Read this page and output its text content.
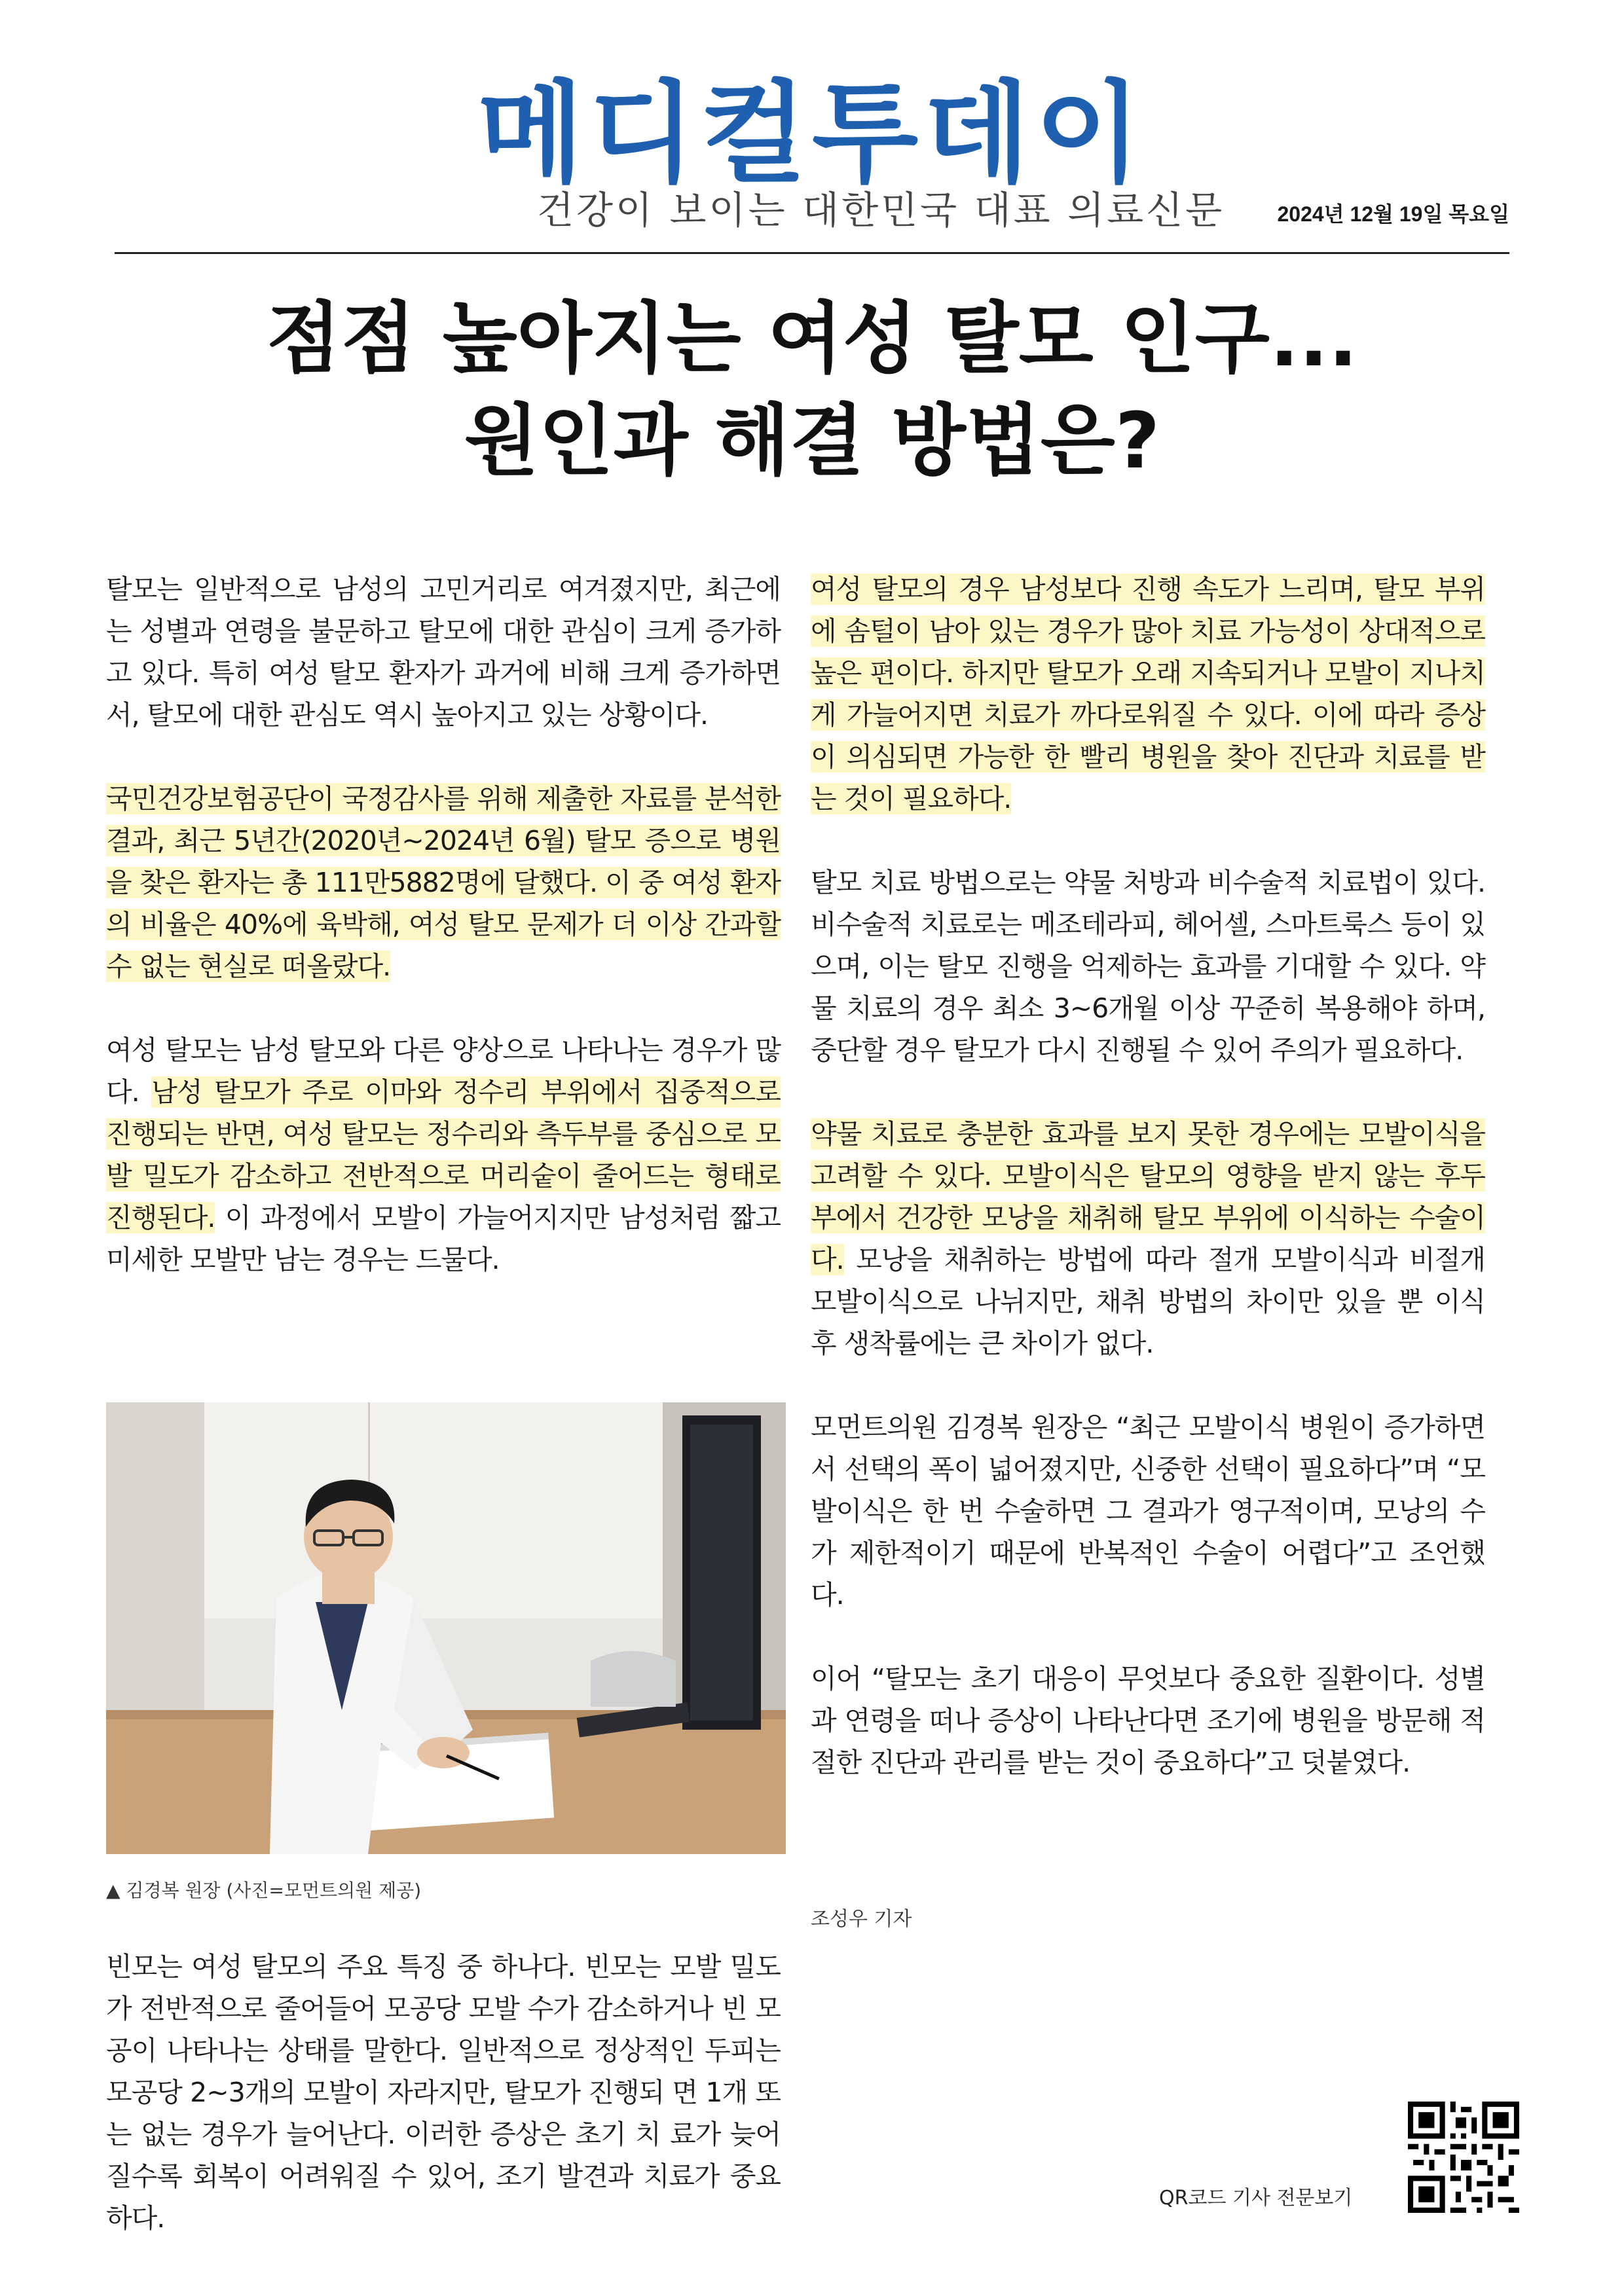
메디컬투데이
건강이 보이는 대한민국 대표 의료신문	2024년 12월 19일 목요일
점점 높아지는 여성 탈모 인구...
원인과 해결 방법은?

탈모는 일반적으로 남성의 고민거리로 여겨졌지만, 최근에는 성별과 연령을 불문하고 탈모에 대한 관심이 크게 증가하고 있다. 특히 여성 탈모 환자가 과거에 비해 크게 증가하면서, 탈모에 대한 관심도 역시 높아지고 있는 상황이다.

국민건강보험공단이 국정감사를 위해 제출한 자료를 분석한 결과, 최근 5년간(2020년~2024년 6월) 탈모 증으로 병원을 찾은 환자는 총 111만5882명에 달했다. 이 중 여성 환자의 비율은 40%에 육박해, 여성 탈모 문제가 더 이상 간과할 수 없는 현실로 떠올랐다.

여성 탈모는 남성 탈모와 다른 양상으로 나타나는 경우가 많다. 남성 탈모가 주로 이마와 정수리 부위에서 집중적으로 진행되는 반면, 여성 탈모는 정수리와 측두부를 중심으로 모발 밀도가 감소하고 전반적으로 머리숱이 줄어드는 형태로 진행된다. 이 과정에서 모발이 가늘어지지만 남성처럼 짧고 미세한 모발만 남는 경우는 드물다.

▲ 김경복 원장 (사진=모먼트의원 제공)

빈모는 여성 탈모의 주요 특징 중 하나다. 빈모는 모발 밀도가 전반적으로 줄어들어 모공당 모발 수가 감소하거나 빈 모공이 나타나는 상태를 말한다. 일반적으로 정상적인 두피는 모공당 2~3개의 모발이 자라지만, 탈모가 진행되 면 1개 또는 없는 경우가 늘어난다. 이러한 증상은 초기 치 료가 늦어질수록 회복이 어려워질 수 있어, 조기 발견과 치료가 중요하다.

여성 탈모의 경우 남성보다 진행 속도가 느리며, 탈모 부위에 솜털이 남아 있는 경우가 많아 치료 가능성이 상대적으로 높은 편이다. 하지만 탈모가 오래 지속되거나 모발이 지나치게 가늘어지면 치료가 까다로워질 수 있다. 이에 따라 증상이 의심되면 가능한 한 빨리 병원을 찾아 진단과 치료를 받는 것이 필요하다.

탈모 치료 방법으로는 약물 처방과 비수술적 치료법이 있다. 비수술적 치료로는 메조테라피, 헤어셀, 스마트룩스 등이 있으며, 이는 탈모 진행을 억제하는 효과를 기대할 수 있다. 약물 치료의 경우 최소 3~6개월 이상 꾸준히 복용해야 하며, 중단할 경우 탈모가 다시 진행될 수 있어 주의가 필요하다.

약물 치료로 충분한 효과를 보지 못한 경우에는 모발이식을 고려할 수 있다. 모발이식은 탈모의 영향을 받지 않는 후두부에서 건강한 모낭을 채취해 탈모 부위에 이식하는 수술이다. 모낭을 채취하는 방법에 따라 절개 모발이식과 비절개 모발이식으로 나뉘지만, 채취 방법의 차이만 있을 뿐 이식 후 생착률에는 큰 차이가 없다.

모먼트의원 김경복 원장은 “최근 모발이식 병원이 증가하면서 선택의 폭이 넓어졌지만, 신중한 선택이 필요하다”며 “모발이식은 한 번 수술하면 그 결과가 영구적이며, 모낭의 수가 제한적이기 때문에 반복적인 수술이 어렵다”고 조언했다.

이어 “탈모는 초기 대응이 무엇보다 중요한 질환이다. 성별과 연령을 떠나 증상이 나타난다면 조기에 병원을 방문해 적절한 진단과 관리를 받는 것이 중요하다”고 덧붙였다.

조성우 기자
QR코드 기사 전문보기
